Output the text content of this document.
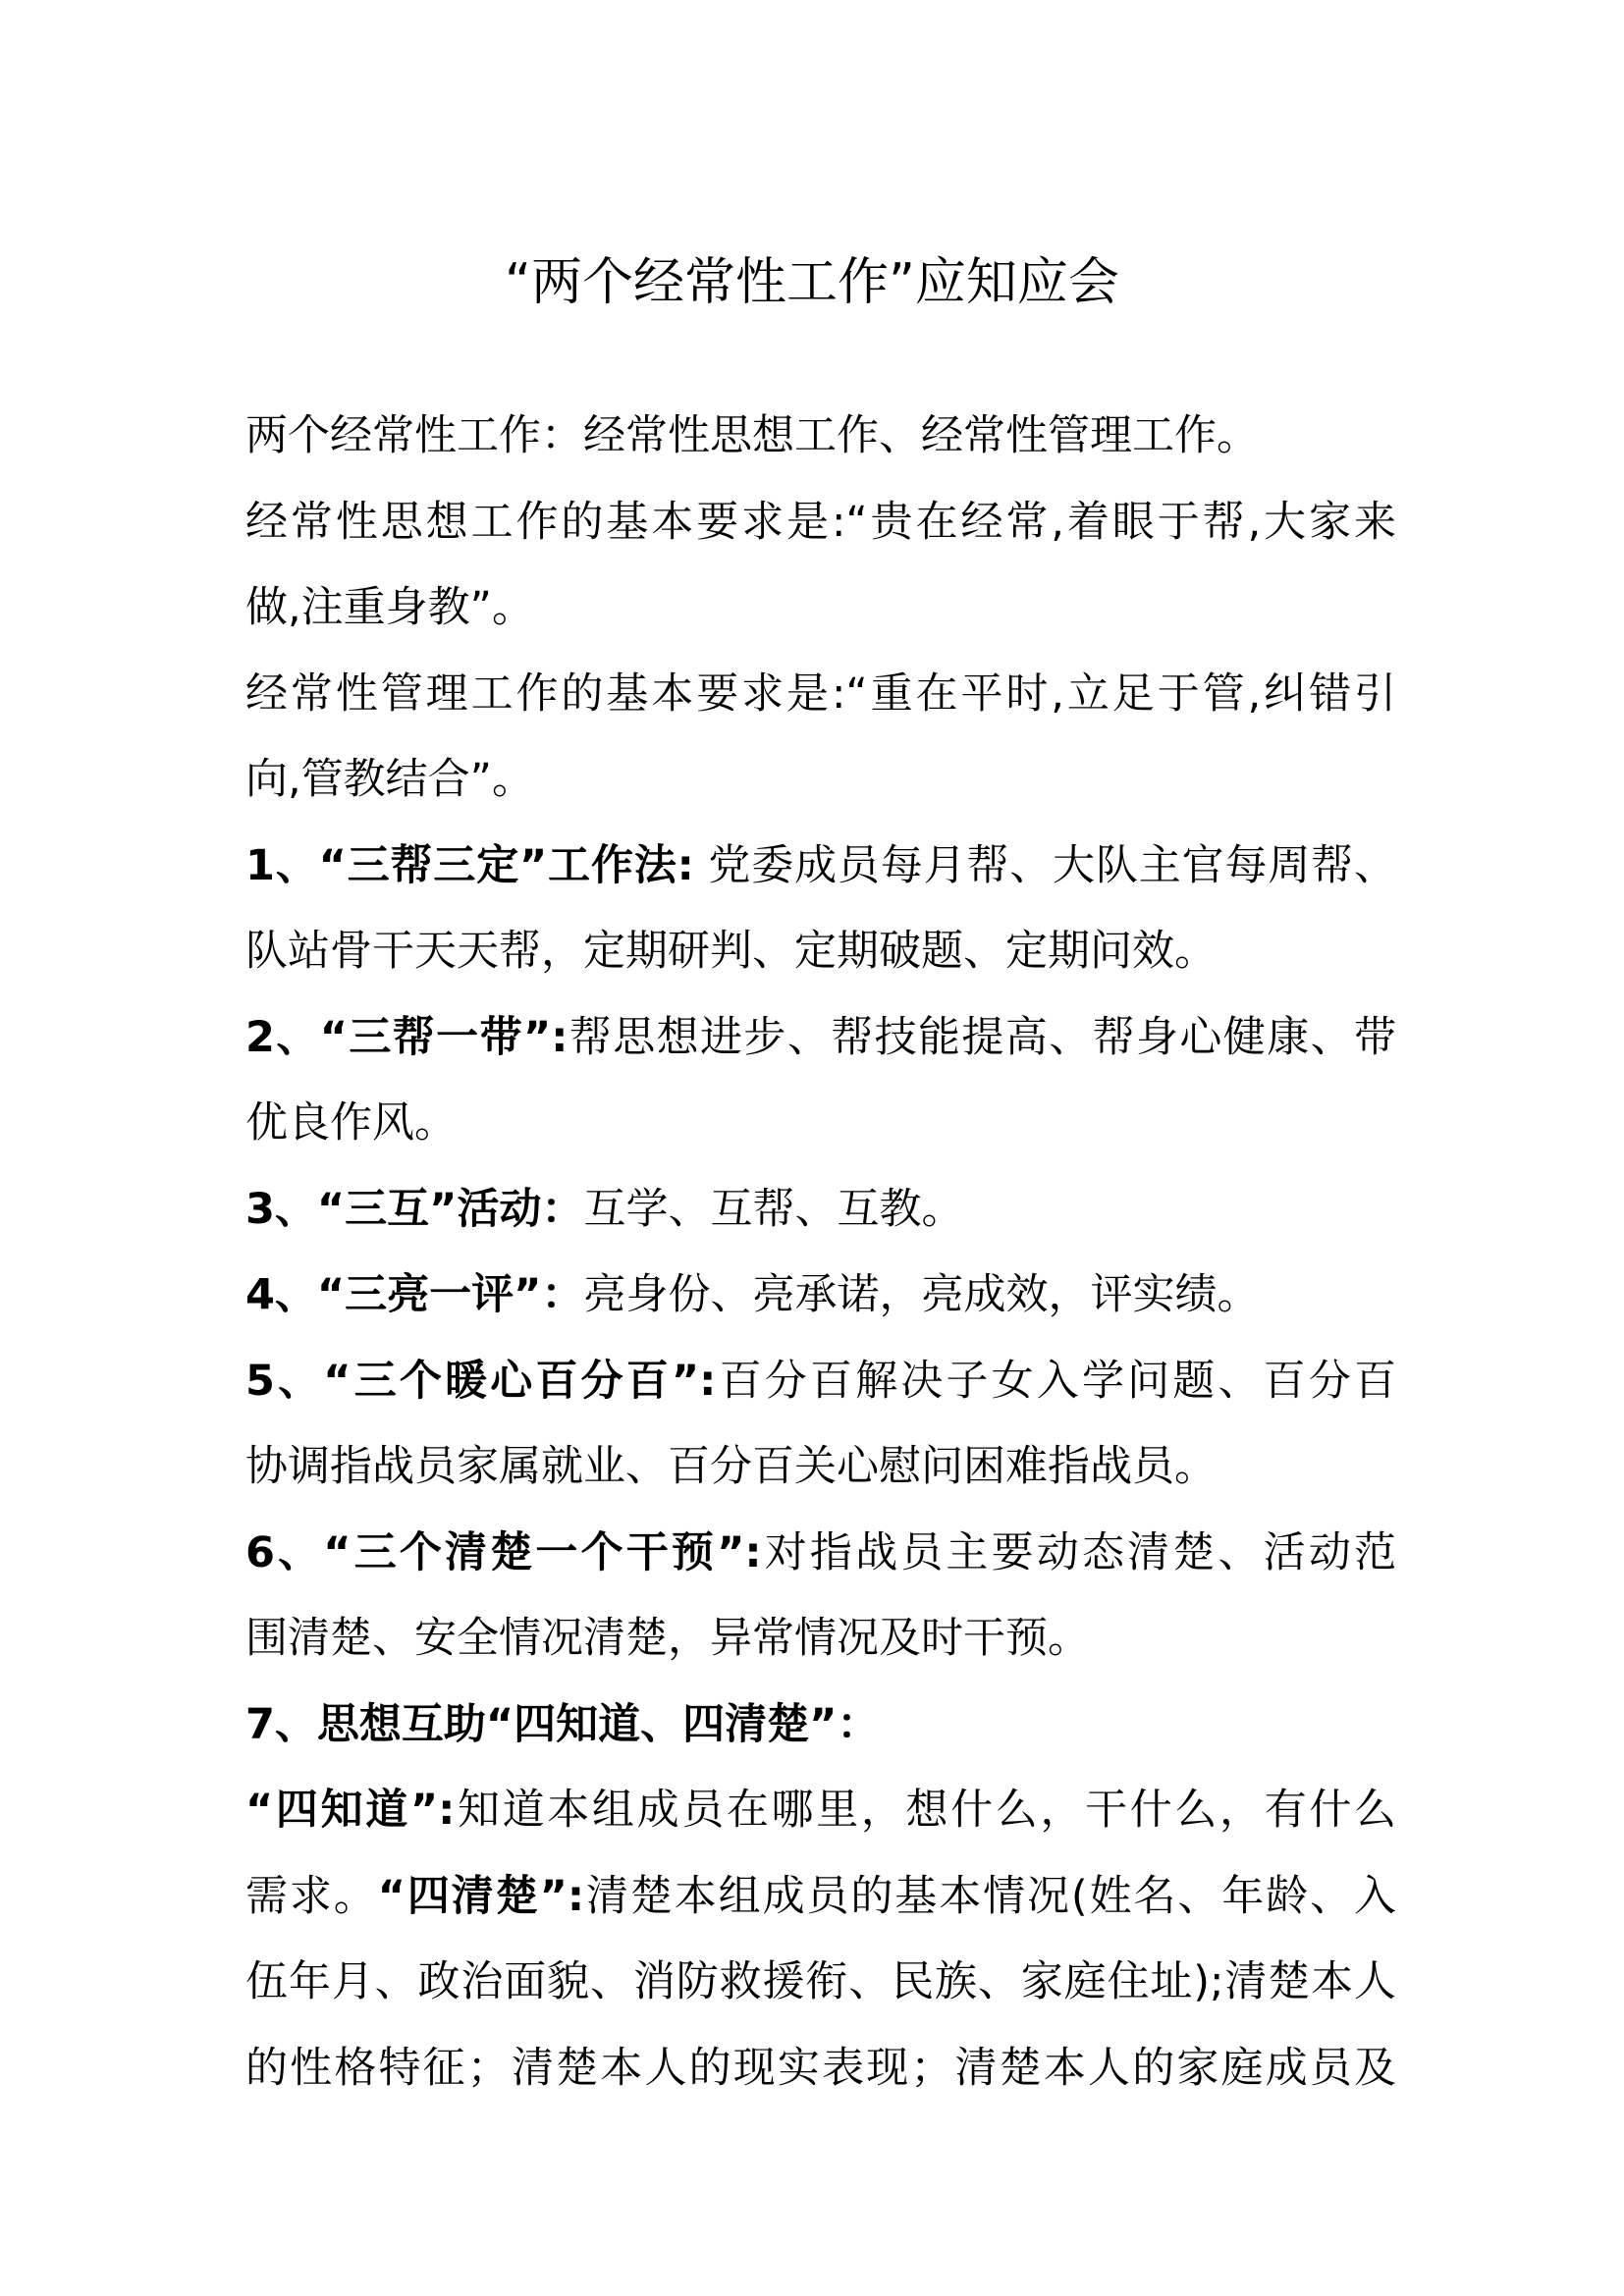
“两个经常性工作”应知应会
两个经常性工作：经常性思想工作、经常性管理工作。
经常性思想工作的基本要求是:“贵在经常,着眼于帮,大家来
做,注重身教”。
经常性管理工作的基本要求是:“重在平时,立足于管,纠错引
向,管教结合”。
1、“三帮三定”工作法: 党委成员每月帮、大队主官每周帮、
队站骨干天天帮，定期研判、定期破题、定期问效。
2、“三帮一带”:帮思想进步、帮技能提高、帮身心健康、带
优良作风。
3、“三互”活动：互学、互帮、互教。
4、“三亮一评”：亮身份、亮承诺，亮成效，评实绩。
5、“三个暖心百分百”:百分百解决子女入学问题、百分百
协调指战员家属就业、百分百关心慰问困难指战员。
6、“三个清楚一个干预”:对指战员主要动态清楚、活动范
围清楚、安全情况清楚，异常情况及时干预。
7、思想互助“四知道、四清楚”：
“四知道”:知道本组成员在哪里，想什么，干什么，有什么
需求。“四清楚”:清楚本组成员的基本情况(姓名、年龄、入
伍年月、政治面貌、消防救援衔、民族、家庭住址);清楚本人
的性格特征；清楚本人的现实表现；清楚本人的家庭成员及
